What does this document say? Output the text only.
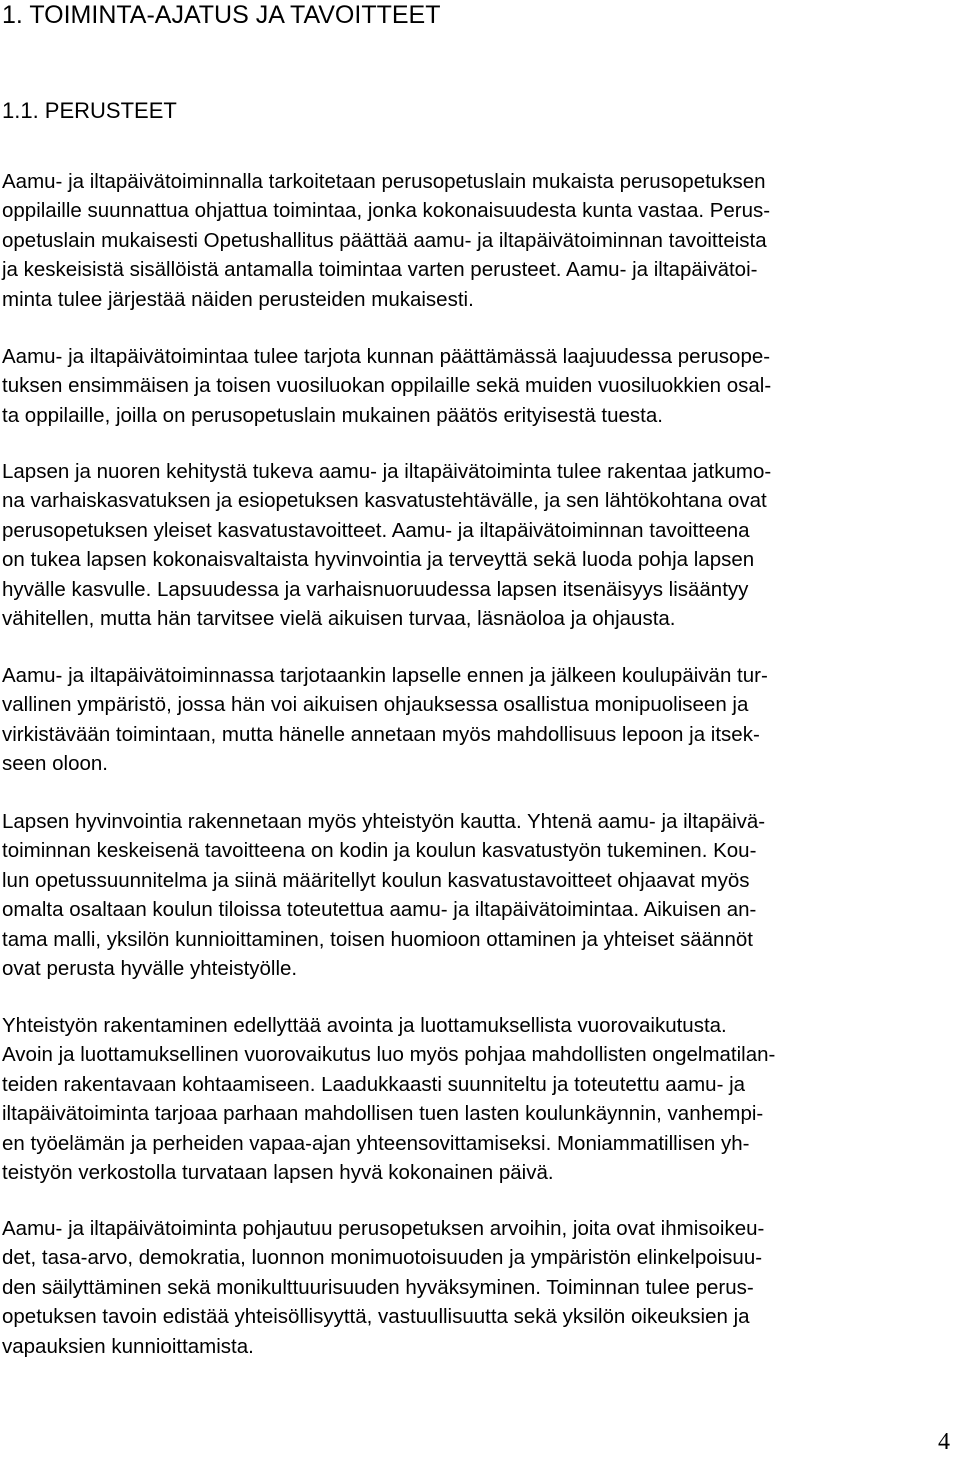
1. TOIMINTA-AJATUS JA TAVOITTEET
1.1. PERUSTEET
Aamu- ja iltapäivätoiminnalla tarkoitetaan perusopetuslain mukaista perusopetuksen
oppilaille suunnattua ohjattua toimintaa, jonka kokonaisuudesta kunta vastaa. Perus-
opetuslain mukaisesti Opetushallitus päättää aamu- ja iltapäivätoiminnan tavoitteista
ja keskeisistä sisällöistä antamalla toimintaa varten perusteet. Aamu- ja iltapäivätoi-
minta tulee järjestää näiden perusteiden mukaisesti.
Aamu- ja iltapäivätoimintaa tulee tarjota kunnan päättämässä laajuudessa perusope-
tuksen ensimmäisen ja toisen vuosiluokan oppilaille sekä muiden vuosiluokkien osal-
ta oppilaille, joilla on perusopetuslain mukainen päätös erityisestä tuesta.
Lapsen ja nuoren kehitystä tukeva aamu- ja iltapäivätoiminta tulee rakentaa jatkumo-
na varhaiskasvatuksen ja esiopetuksen kasvatustehtävälle, ja sen lähtökohtana ovat
perusopetuksen yleiset kasvatustavoitteet. Aamu- ja iltapäivätoiminnan tavoitteena
on tukea lapsen kokonaisvaltaista hyvinvointia ja terveyttä sekä luoda pohja lapsen
hyvälle kasvulle. Lapsuudessa ja varhaisnuoruudessa lapsen itsenäisyys lisääntyy
vähitellen, mutta hän tarvitsee vielä aikuisen turvaa, läsnäoloa ja ohjausta.
Aamu- ja iltapäivätoiminnassa tarjotaankin lapselle ennen ja jälkeen koulupäivän tur-
vallinen ympäristö, jossa hän voi aikuisen ohjauksessa osallistua monipuoliseen ja
virkistävään toimintaan, mutta hänelle annetaan myös mahdollisuus lepoon ja itsek-
seen oloon.
Lapsen hyvinvointia rakennetaan myös yhteistyön kautta. Yhtenä aamu- ja iltapäivä-
toiminnan keskeisenä tavoitteena on kodin ja koulun kasvatustyön tukeminen. Kou-
lun opetussuunnitelma ja siinä määritellyt koulun kasvatustavoitteet ohjaavat myös
omalta osaltaan koulun tiloissa toteutettua aamu- ja iltapäivätoimintaa. Aikuisen an-
tama malli, yksilön kunnioittaminen, toisen huomioon ottaminen ja yhteiset säännöt
ovat perusta hyvälle yhteistyölle.
Yhteistyön rakentaminen edellyttää avointa ja luottamuksellista vuorovaikutusta.
Avoin ja luottamuksellinen vuorovaikutus luo myös pohjaa mahdollisten ongelmatilan-
teiden rakentavaan kohtaamiseen. Laadukkaasti suunniteltu ja toteutettu aamu- ja
iltapäivätoiminta tarjoaa parhaan mahdollisen tuen lasten koulunkäynnin, vanhempi-
en työelämän ja perheiden vapaa-ajan yhteensovittamiseksi. Moniammatillisen yh-
teistyön verkostolla turvataan lapsen hyvä kokonainen päivä.
Aamu- ja iltapäivätoiminta pohjautuu perusopetuksen arvoihin, joita ovat ihmisoikeu-
det, tasa-arvo, demokratia, luonnon monimuotoisuuden ja ympäristön elinkelpoisuu-
den säilyttäminen sekä monikulttuurisuuden hyväksyminen. Toiminnan tulee perus-
opetuksen tavoin edistää yhteisöllisyyttä, vastuullisuutta sekä yksilön oikeuksien ja
vapauksien kunnioittamista.
4
